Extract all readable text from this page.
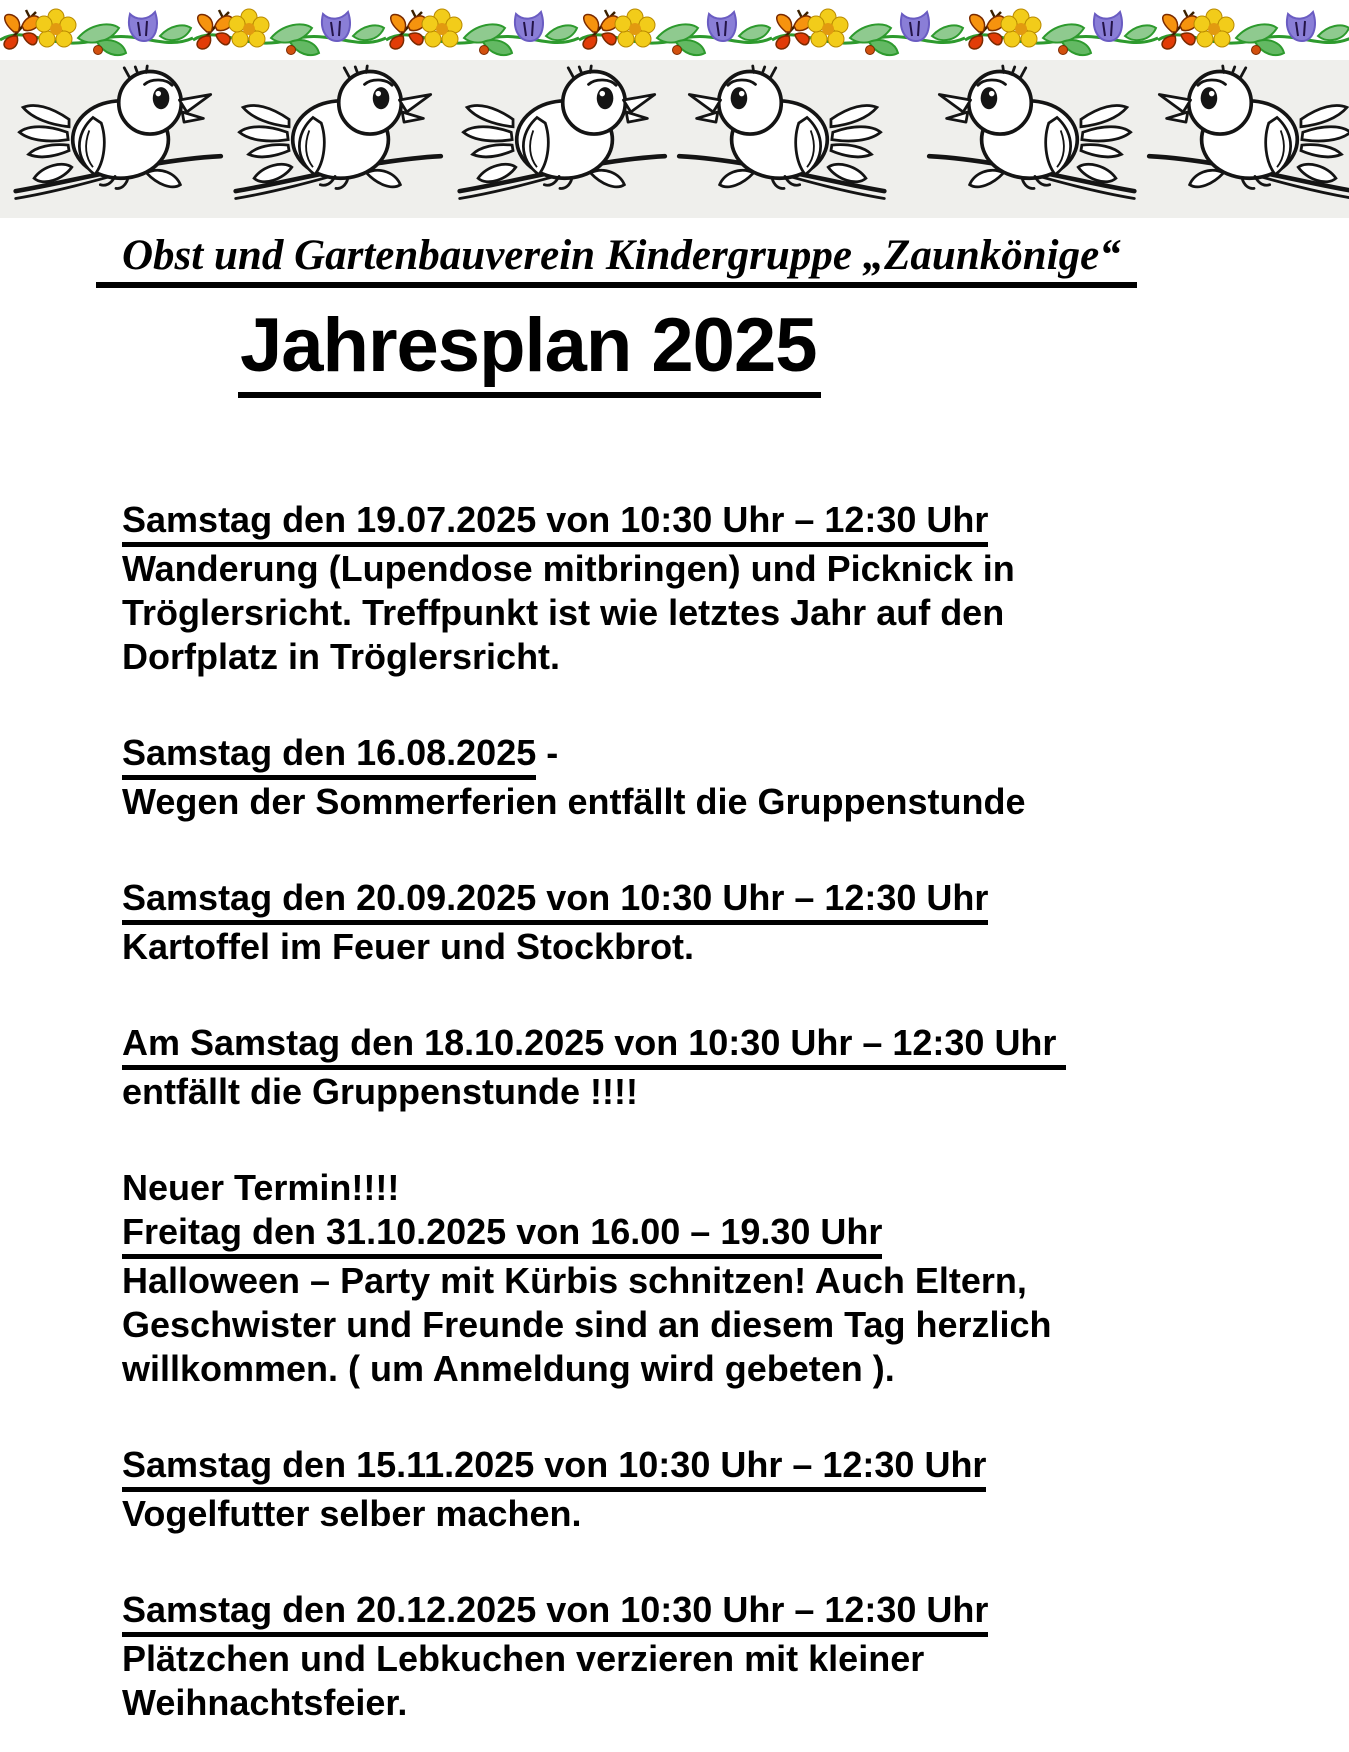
Obst und Gartenbauverein Kindergruppe „Zaunkönige“
Jahresplan 2025
Samstag den 19.07.2025 von 10:30 Uhr – 12:30 Uhr
Wanderung (Lupendose mitbringen) und Picknick in
Tröglersricht. Treffpunkt ist wie letztes Jahr auf den
Dorfplatz in Tröglersricht.
Samstag den 16.08.2025 -
Wegen der Sommerferien entfällt die Gruppenstunde
Samstag den 20.09.2025 von 10:30 Uhr – 12:30 Uhr
Kartoffel im Feuer und Stockbrot.
Am Samstag den 18.10.2025 von 10:30 Uhr – 12:30 Uhr
entfällt die Gruppenstunde !!!!
Neuer Termin!!!!
Freitag den 31.10.2025 von 16.00 – 19.30 Uhr
Halloween – Party mit Kürbis schnitzen! Auch Eltern,
Geschwister und Freunde sind an diesem Tag herzlich
willkommen. ( um Anmeldung wird gebeten ).
Samstag den 15.11.2025 von 10:30 Uhr – 12:30 Uhr
Vogelfutter selber machen.
Samstag den 20.12.2025 von 10:30 Uhr – 12:30 Uhr
Plätzchen und Lebkuchen verzieren mit kleiner
Weihnachtsfeier.
